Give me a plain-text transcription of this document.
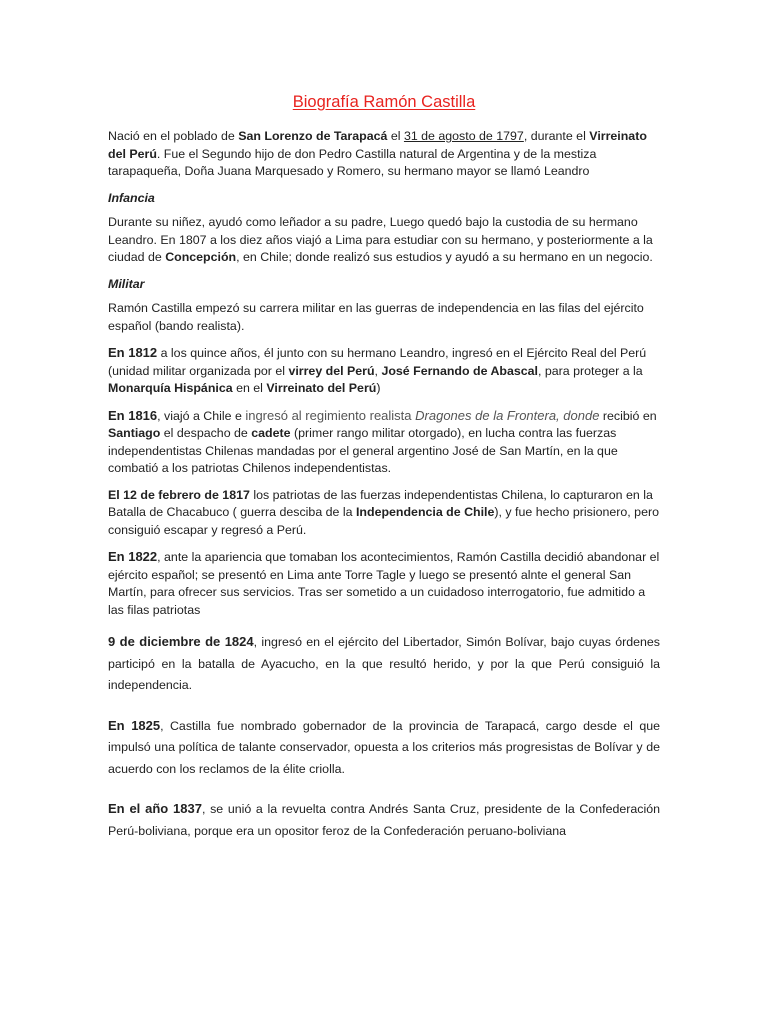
Biografía Ramón Castilla

Nació en el poblado de San Lorenzo de Tarapacá el 31 de agosto de 1797, durante el Virreinato del Perú. Fue el Segundo hijo de don Pedro Castilla natural de Argentina y de la mestiza tarapaqueña, Doña Juana Marquesado y Romero, su hermano mayor se llamó Leandro

Infancia

Durante su niñez, ayudó como leñador a su padre, Luego quedó bajo la custodia de su hermano Leandro. En 1807 a los diez años viajó a Lima para estudiar con su hermano, y posteriormente a la ciudad de Concepción, en Chile; donde realizó sus estudios y ayudó a su hermano en un negocio.

Militar

Ramón Castilla empezó su carrera militar en las guerras de independencia en las filas del ejército español (bando realista).

En 1812 a los quince años, él junto con su hermano Leandro, ingresó en el Ejército Real del Perú (unidad militar organizada por el virrey del Perú, José Fernando de Abascal, para proteger a la Monarquía Hispánica en el Virreinato del Perú)

En 1816, viajó a Chile e ingresó al regimiento realista Dragones de la Frontera, donde recibió en Santiago el despacho de cadete (primer rango militar otorgado), en lucha contra las fuerzas independentistas Chilenas mandadas por el general argentino José de San Martín, en la que combatió a los patriotas Chilenos independentistas.

El 12 de febrero de 1817 los patriotas de las fuerzas independentistas Chilena, lo capturaron en la Batalla de Chacabuco ( guerra desciba de la Independencia de Chile), y fue hecho prisionero, pero consiguió escapar y regresó a Perú.

En 1822, ante la apariencia que tomaban los acontecimientos, Ramón Castilla decidió abandonar el ejército español; se presentó en Lima ante Torre Tagle y luego se presentó alnte el general San Martín, para ofrecer sus servicios. Tras ser sometido a un cuidadoso interrogatorio, fue admitido a las filas patriotas

9 de diciembre de 1824, ingresó en el ejército del Libertador, Simón Bolívar, bajo cuyas órdenes participó en la batalla de Ayacucho, en la que resultó herido, y por la que Perú consiguió la independencia.

En 1825, Castilla fue nombrado gobernador de la provincia de Tarapacá, cargo desde el que impulsó una política de talante conservador, opuesta a los criterios más progresistas de Bolívar y de acuerdo con los reclamos de la élite criolla.

En el año 1837, se unió a la revuelta contra Andrés Santa Cruz, presidente de la Confederación Perú-boliviana, porque era un opositor feroz de la Confederación peruano-boliviana
